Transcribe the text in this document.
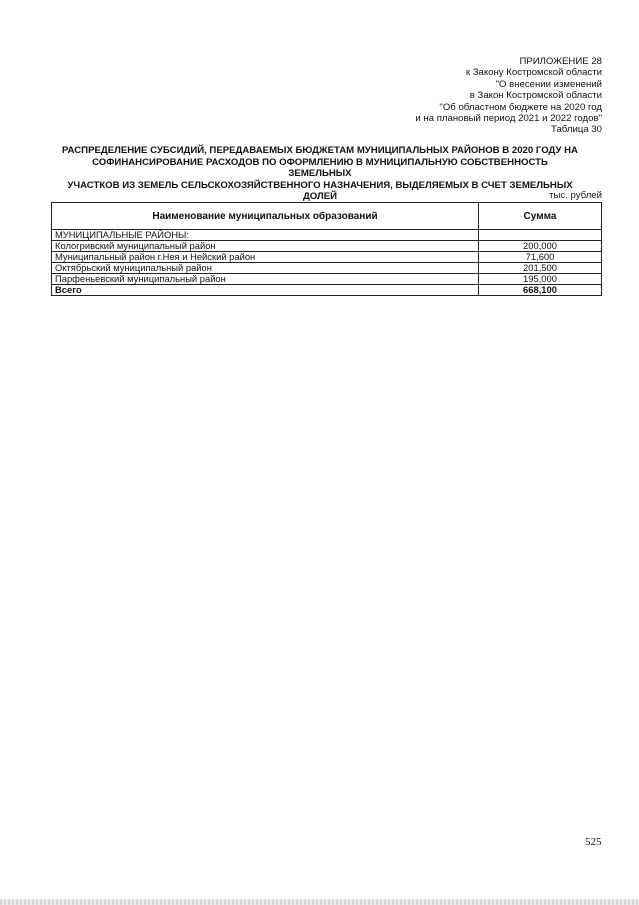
ПРИЛОЖЕНИЕ 28
к Закону Костромской области
"О внесении изменений
в Закон Костромской области
"Об областном бюджете на 2020 год
и на плановый период 2021 и 2022 годов"
Таблица 30
РАСПРЕДЕЛЕНИЕ СУБСИДИЙ, ПЕРЕДАВАЕМЫХ БЮДЖЕТАМ МУНИЦИПАЛЬНЫХ РАЙОНОВ В 2020 ГОДУ НА
СОФИНАНСИРОВАНИЕ РАСХОДОВ ПО ОФОРМЛЕНИЮ В МУНИЦИПАЛЬНУЮ СОБСТВЕННОСТЬ ЗЕМЕЛЬНЫХ
УЧАСТКОВ ИЗ ЗЕМЕЛЬ СЕЛЬСКОХОЗЯЙСТВЕННОГО НАЗНАЧЕНИЯ, ВЫДЕЛЯЕМЫХ В СЧЕТ ЗЕМЕЛЬНЫХ
ДОЛЕЙ	тыс. рублей
Наименование муниципальных образований	Сумма
МУНИЦИПАЛЬНЫЕ РАЙОНЫ:	
Кологривский муниципальный район	200,000
Муниципальный район г.Нея и Нейский район	71,600
Октябрьский муниципальный район	201,500
Парфеньевский муниципальный район	195,000
Всего	668,100
525
